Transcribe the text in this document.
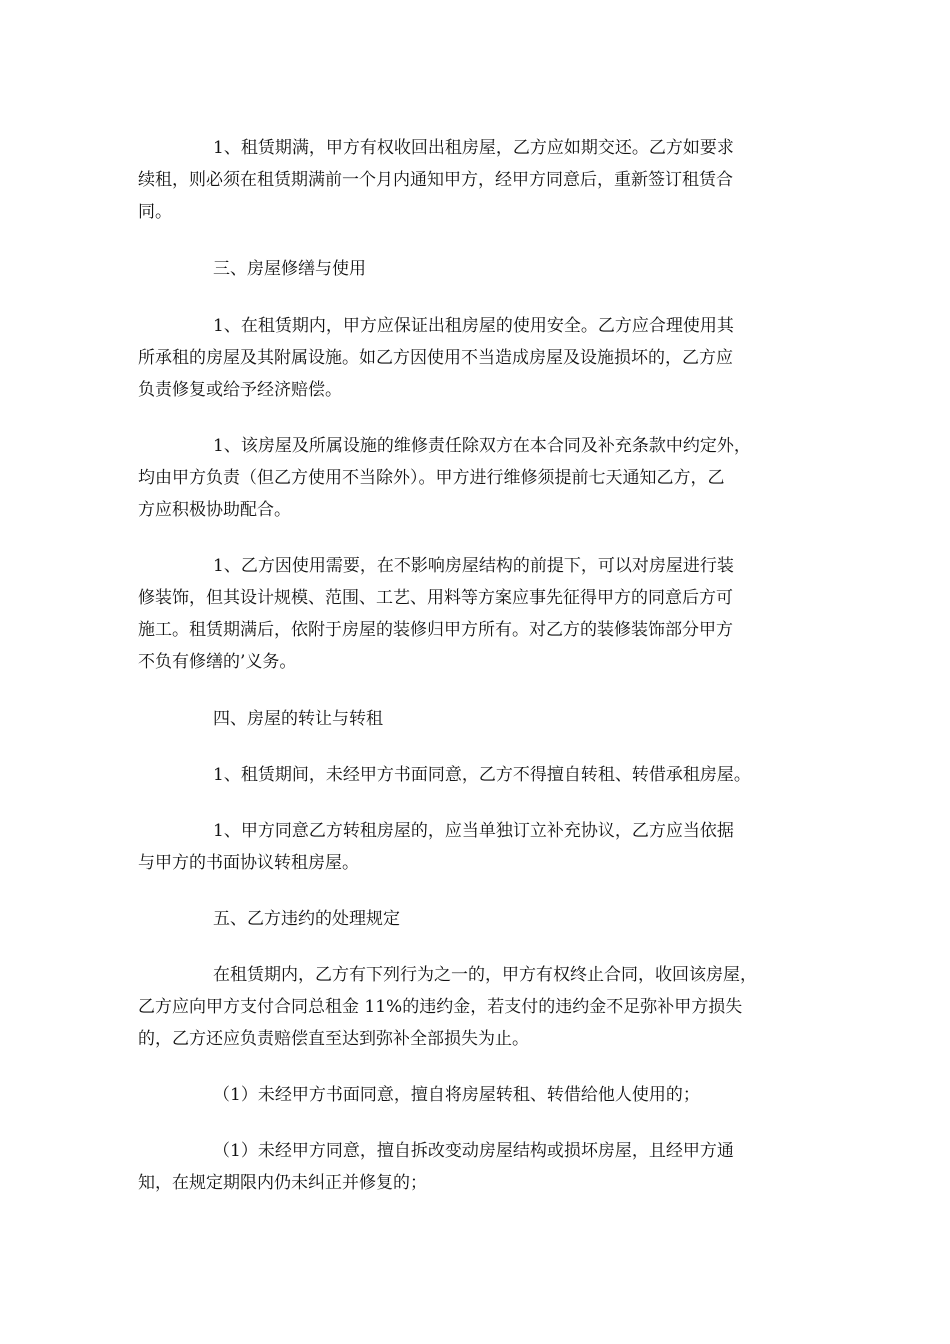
1、租赁期满，甲方有权收回出租房屋，乙方应如期交还。乙方如要求
续租，则必须在租赁期满前一个月内通知甲方，经甲方同意后，重新签订租赁合
同。
三、房屋修缮与使用
1、在租赁期内，甲方应保证出租房屋的使用安全。乙方应合理使用其
所承租的房屋及其附属设施。如乙方因使用不当造成房屋及设施损坏的，乙方应
负责修复或给予经济赔偿。
1、该房屋及所属设施的维修责任除双方在本合同及补充条款中约定外，
均由甲方负责（但乙方使用不当除外）。甲方进行维修须提前七天通知乙方，乙
方应积极协助配合。
1、乙方因使用需要，在不影响房屋结构的前提下，可以对房屋进行装
修装饰，但其设计规模、范围、工艺、用料等方案应事先征得甲方的同意后方可
施工。租赁期满后，依附于房屋的装修归甲方所有。对乙方的装修装饰部分甲方
不负有修缮的’义务。
四、房屋的转让与转租
1、租赁期间，未经甲方书面同意，乙方不得擅自转租、转借承租房屋。
1、甲方同意乙方转租房屋的，应当单独订立补充协议，乙方应当依据
与甲方的书面协议转租房屋。
五、乙方违约的处理规定
在租赁期内，乙方有下列行为之一的，甲方有权终止合同，收回该房屋，
乙方应向甲方支付合同总租金 11%的违约金，若支付的违约金不足弥补甲方损失
的，乙方还应负责赔偿直至达到弥补全部损失为止。
（1）未经甲方书面同意，擅自将房屋转租、转借给他人使用的；
（1）未经甲方同意，擅自拆改变动房屋结构或损坏房屋，且经甲方通
知，在规定期限内仍未纠正并修复的；
